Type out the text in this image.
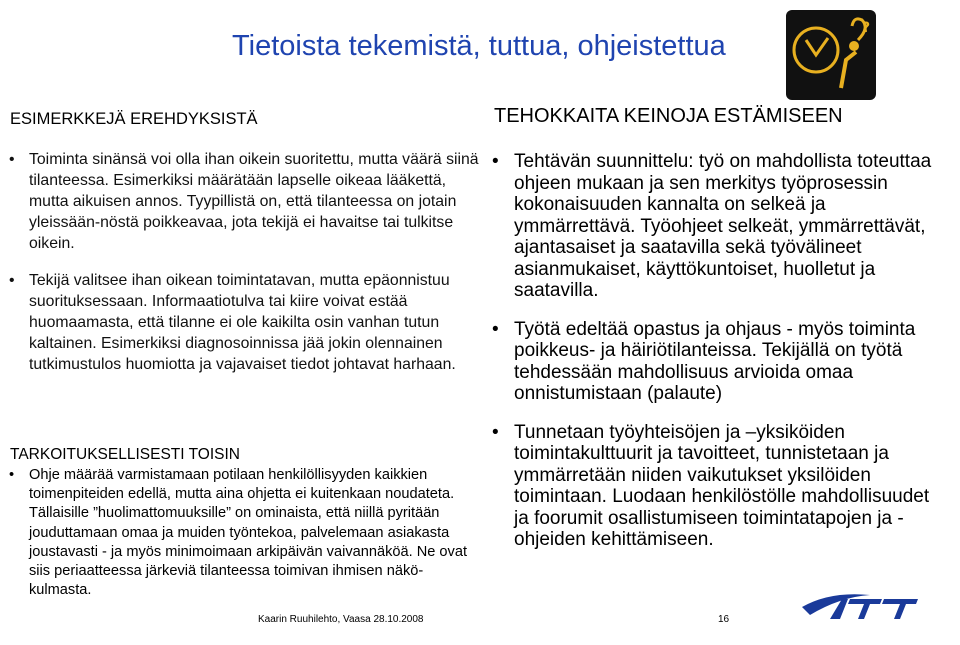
Tietoista tekemistä, tuttua, ohjeistettua
?
ESIMERKKEJÄ EREHDYKSISTÄ	TEHOKKAITA KEINOJA ESTÄMISEEN
• Toiminta sinänsä voi olla ihan oikein suoritettu, mutta väärä siinä tilanteessa. Esimerkiksi määrätään lapselle oikeaa lääkettä, mutta aikuisen annos. Tyypillistä on, että tilanteessa on jotain yleissään-nöstä poikkeavaa, jota tekijä ei havaitse tai tulkitse oikein.
• Tekijä valitsee ihan oikean toimintatavan, mutta epäonnistuu suorituksessaan. Informaatiotulva tai kiire voivat estää huomaamasta, että tilanne ei ole kaikilta osin vanhan tutun kaltainen. Esimerkiksi diagnosoinnissa jää jokin olennainen tutkimustulos huomiotta ja vajavaiset tiedot johtavat harhaan.
TARKOITUKSELLISESTI TOISIN
• Ohje määrää varmistamaan potilaan henkilöllisyyden kaikkien toimenpiteiden edellä, mutta aina ohjetta ei kuitenkaan noudateta. Tällaisille ”huolimattomuuksille” on ominaista, että niillä pyritään jouduttamaan omaa ja muiden työntekoa, palvelemaan asiakasta joustavasti - ja myös minimoimaan arkipäivän vaivannäköä. Ne ovat siis periaatteessa järkeviä tilanteessa toimivan ihmisen näkö-kulmasta.
• Tehtävän suunnittelu: työ on mahdollista toteuttaa ohjeen mukaan ja sen merkitys työprosessin kokonaisuuden kannalta on selkeä ja ymmärrettävä. Työohjeet selkeät, ymmärrettävät, ajantasaiset ja saatavilla sekä työvälineet asianmukaiset, käyttökuntoiset, huolletut ja saatavilla.
• Työtä edeltää opastus ja ohjaus - myös toiminta poikkeus- ja häiriötilanteissa. Tekijällä on työtä tehdessään mahdollisuus arvioida omaa onnistumistaan (palaute)
• Tunnetaan työyhteisöjen ja –yksiköiden toimintakulttuurit ja tavoitteet, tunnistetaan ja ymmärretään niiden vaikutukset yksilöiden toimintaan. Luodaan henkilöstölle mahdollisuudet ja foorumit osallistumiseen toimintatapojen ja -ohjeiden kehittämiseen.
Kaarin Ruuhilehto, Vaasa 28.10.2008	16
